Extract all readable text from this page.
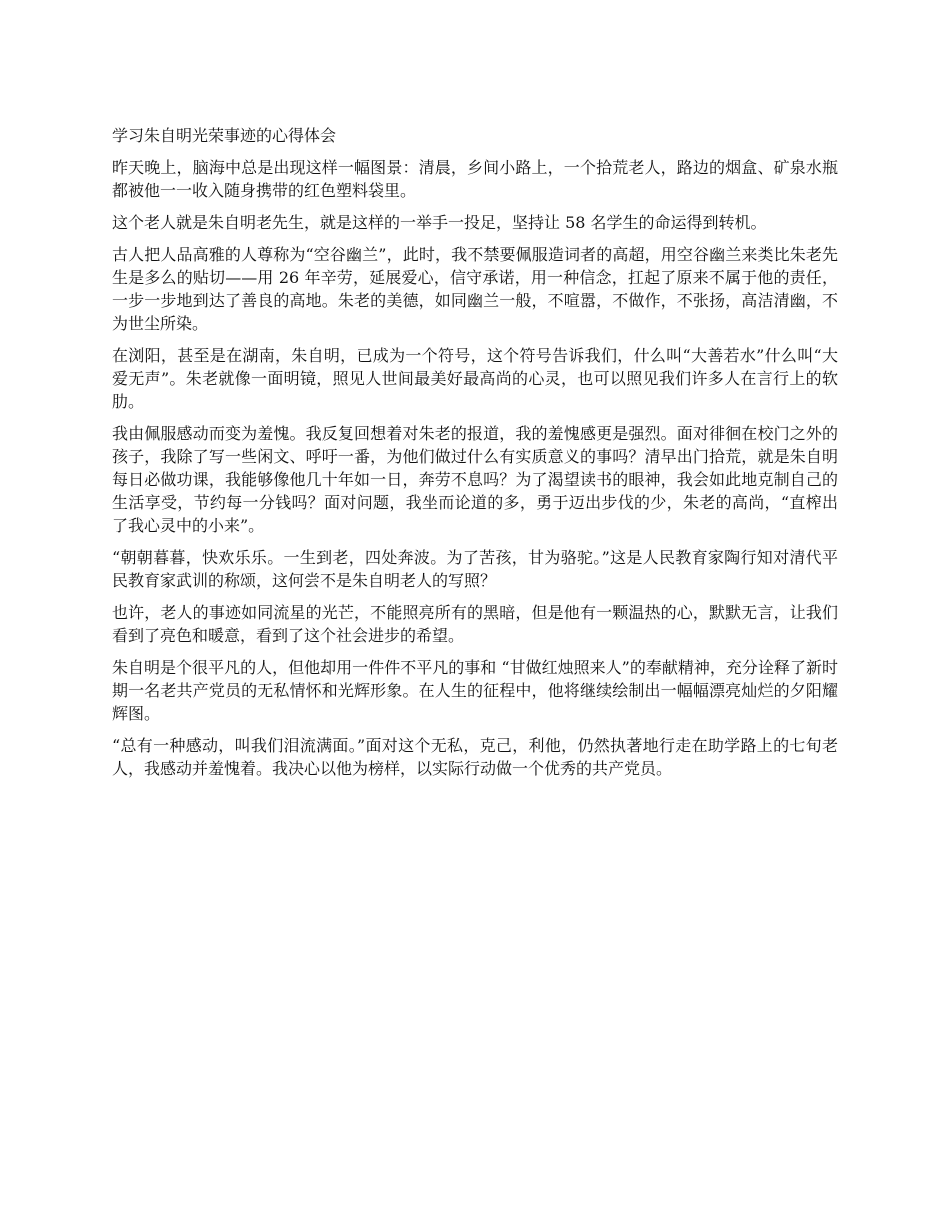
学习朱自明光荣事迹的心得体会

昨天晚上，脑海中总是出现这样一幅图景：清晨，乡间小路上，一个拾荒老人，路边的烟盒、矿泉水瓶都被他一一收入随身携带的红色塑料袋里。

这个老人就是朱自明老先生，就是这样的一举手一投足，坚持让 58 名学生的命运得到转机。

古人把人品高雅的人尊称为“空谷幽兰”，此时，我不禁要佩服造词者的高超，用空谷幽兰来类比朱老先生是多么的贴切——用 26 年辛劳，延展爱心，信守承诺，用一种信念，扛起了原来不属于他的责任，一步一步地到达了善良的高地。朱老的美德，如同幽兰一般，不喧嚣，不做作，不张扬，高洁清幽，不为世尘所染。

在浏阳，甚至是在湖南，朱自明，已成为一个符号，这个符号告诉我们，什么叫“大善若水”什么叫“大爱无声”。朱老就像一面明镜，照见人世间最美好最高尚的心灵，也可以照见我们许多人在言行上的软肋。

我由佩服感动而变为羞愧。我反复回想着对朱老的报道，我的羞愧感更是强烈。面对徘徊在校门之外的孩子，我除了写一些闲文、呼吁一番，为他们做过什么有实质意义的事吗？清早出门拾荒，就是朱自明每日必做功课，我能够像他几十年如一日，奔劳不息吗？为了渴望读书的眼神，我会如此地克制自己的生活享受，节约每一分钱吗？面对问题，我坐而论道的多，勇于迈出步伐的少，朱老的高尚，“直榨出了我心灵中的小来”。

“朝朝暮暮，快欢乐乐。一生到老，四处奔波。为了苦孩，甘为骆驼。”这是人民教育家陶行知对清代平民教育家武训的称颂，这何尝不是朱自明老人的写照？

也许，老人的事迹如同流星的光芒，不能照亮所有的黑暗，但是他有一颗温热的心，默默无言，让我们看到了亮色和暖意，看到了这个社会进步的希望。

朱自明是个很平凡的人，但他却用一件件不平凡的事和 “甘做红烛照来人”的奉献精神，充分诠释了新时期一名老共产党员的无私情怀和光辉形象。在人生的征程中，他将继续绘制出一幅幅漂亮灿烂的夕阳耀辉图。

“总有一种感动，叫我们泪流满面。”面对这个无私，克己，利他，仍然执著地行走在助学路上的七旬老人，我感动并羞愧着。我决心以他为榜样，以实际行动做一个优秀的共产党员。
